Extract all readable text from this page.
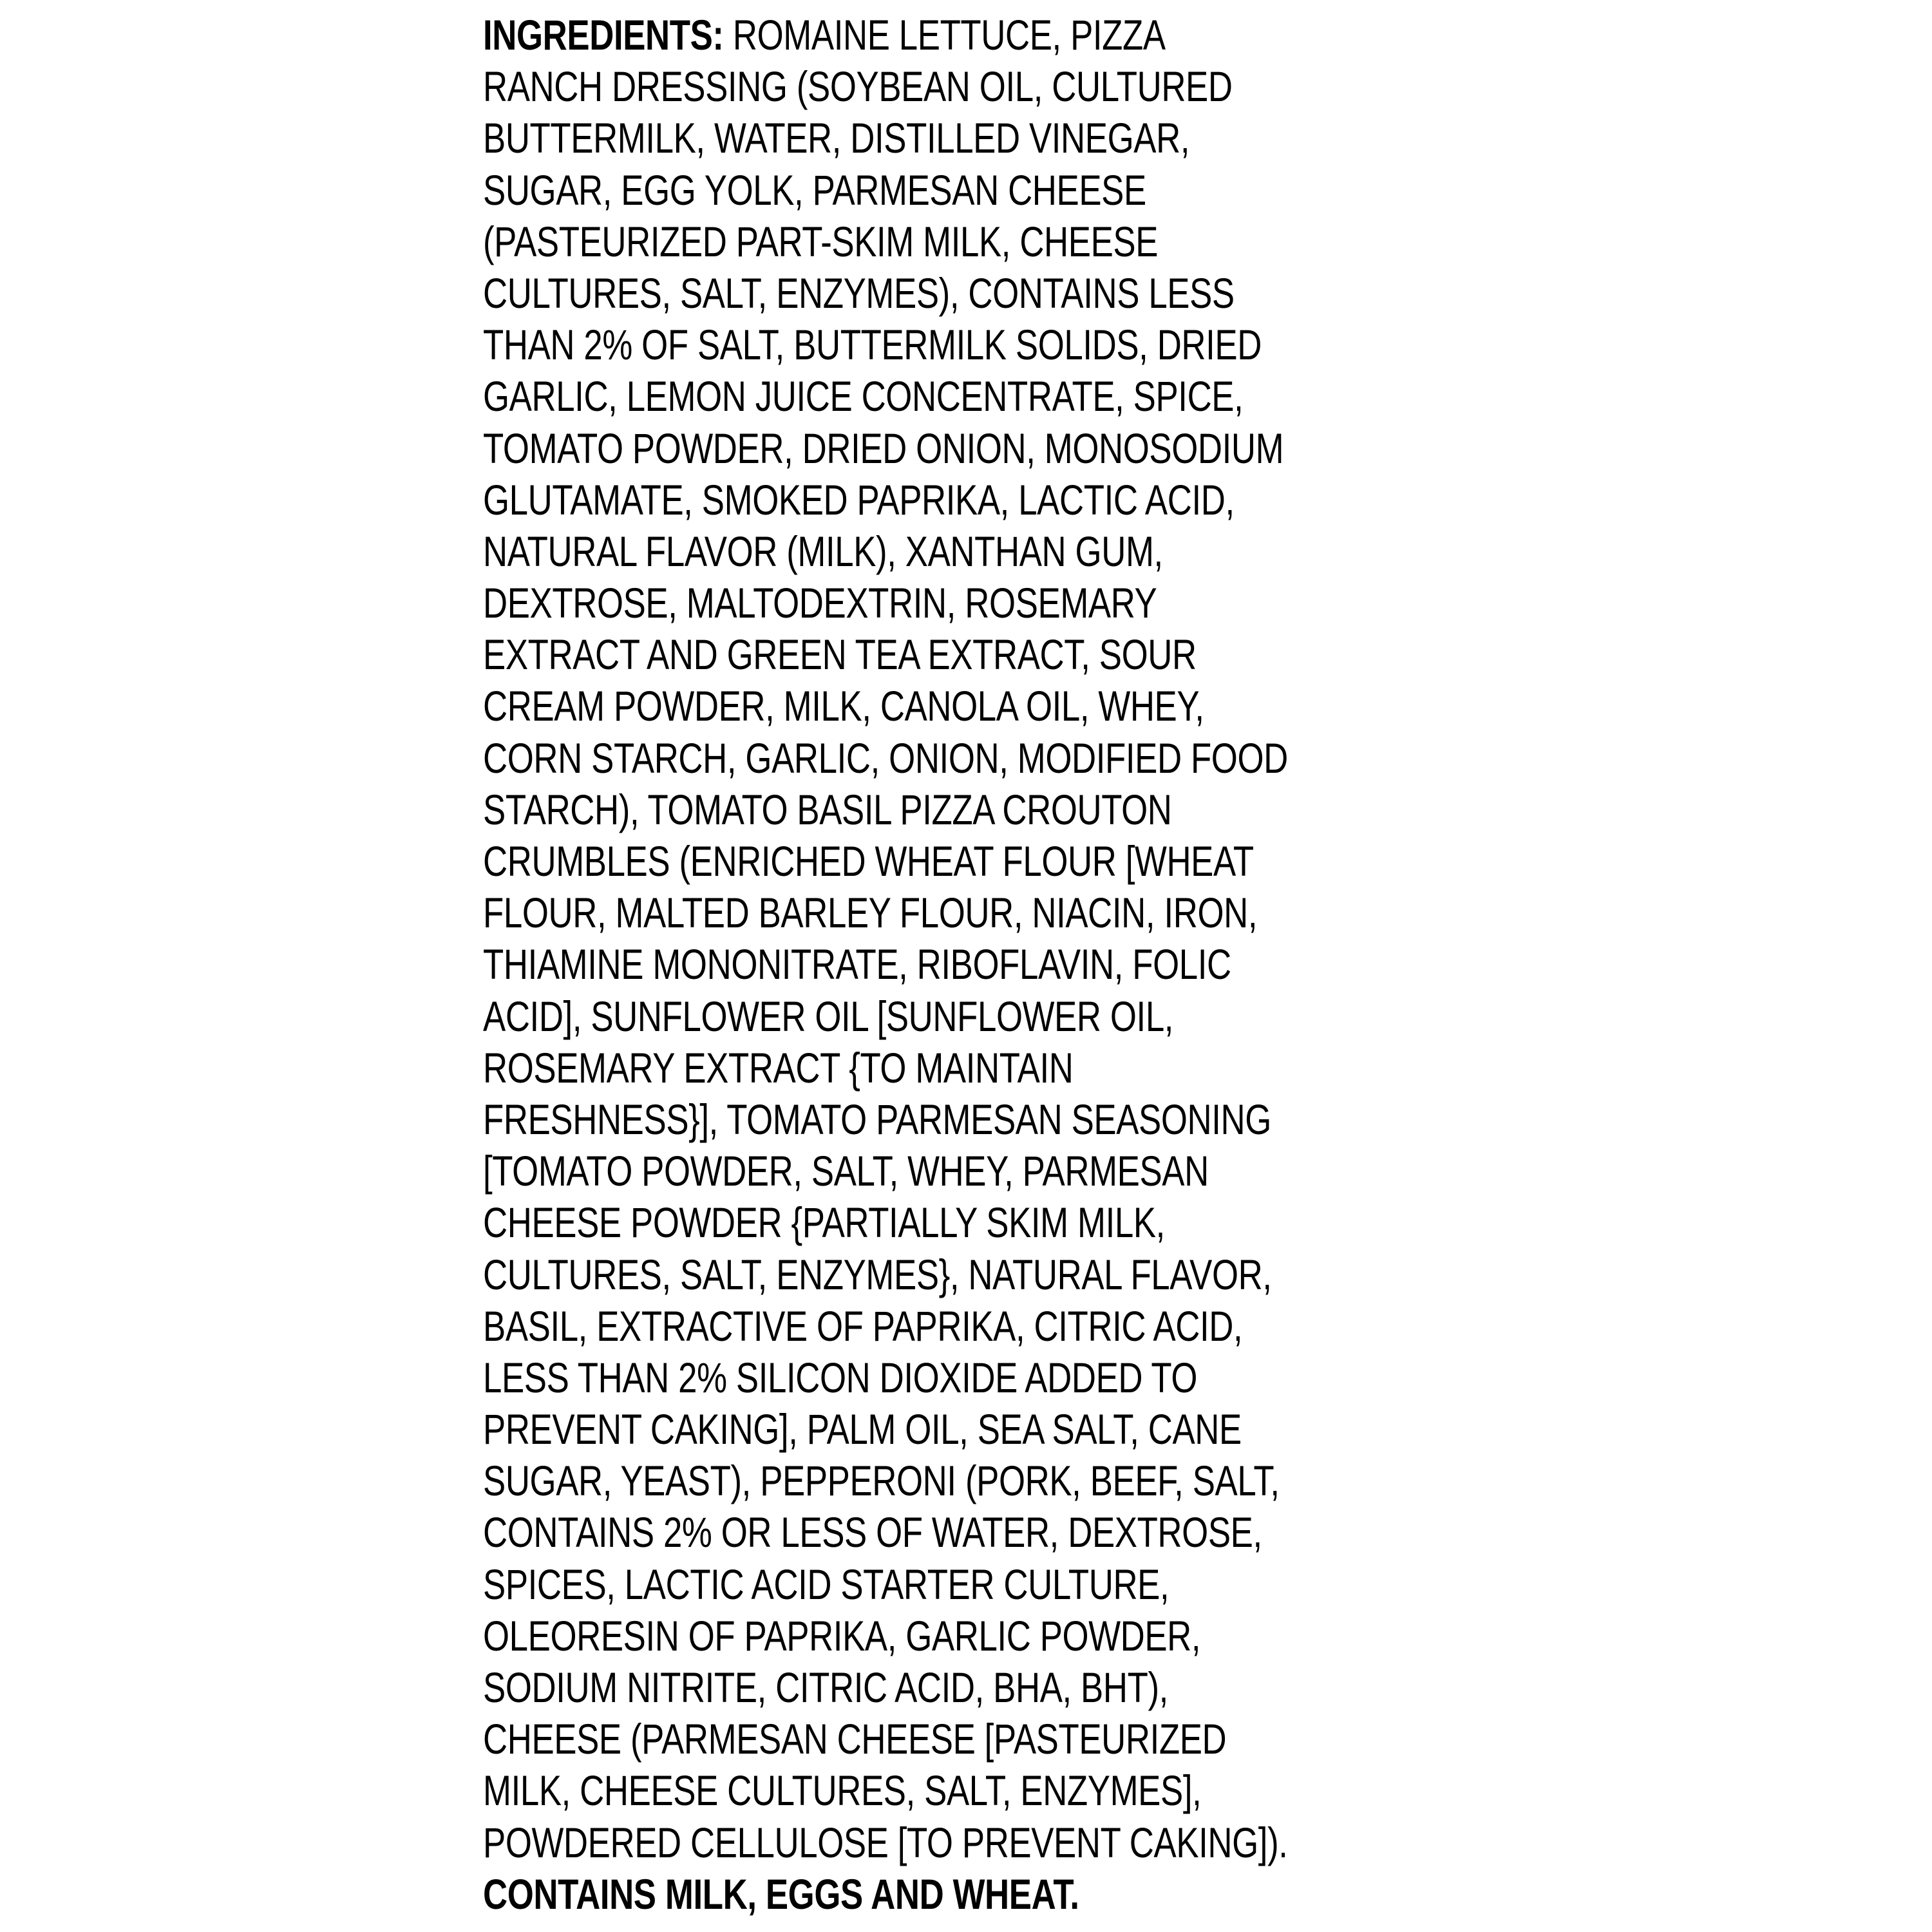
INGREDIENTS: ROMAINE LETTUCE, PIZZA
RANCH DRESSING (SOYBEAN OIL, CULTURED
BUTTERMILK, WATER, DISTILLED VINEGAR,
SUGAR, EGG YOLK, PARMESAN CHEESE
(PASTEURIZED PART-SKIM MILK, CHEESE
CULTURES, SALT, ENZYMES), CONTAINS LESS
THAN 2% OF SALT, BUTTERMILK SOLIDS, DRIED
GARLIC, LEMON JUICE CONCENTRATE, SPICE,
TOMATO POWDER, DRIED ONION, MONOSODIUM
GLUTAMATE, SMOKED PAPRIKA, LACTIC ACID,
NATURAL FLAVOR (MILK), XANTHAN GUM,
DEXTROSE, MALTODEXTRIN, ROSEMARY
EXTRACT AND GREEN TEA EXTRACT, SOUR
CREAM POWDER, MILK, CANOLA OIL, WHEY,
CORN STARCH, GARLIC, ONION, MODIFIED FOOD
STARCH), TOMATO BASIL PIZZA CROUTON
CRUMBLES (ENRICHED WHEAT FLOUR [WHEAT
FLOUR, MALTED BARLEY FLOUR, NIACIN, IRON,
THIAMINE MONONITRATE, RIBOFLAVIN, FOLIC
ACID], SUNFLOWER OIL [SUNFLOWER OIL,
ROSEMARY EXTRACT {TO MAINTAIN
FRESHNESS}], TOMATO PARMESAN SEASONING
[TOMATO POWDER, SALT, WHEY, PARMESAN
CHEESE POWDER {PARTIALLY SKIM MILK,
CULTURES, SALT, ENZYMES}, NATURAL FLAVOR,
BASIL, EXTRACTIVE OF PAPRIKA, CITRIC ACID,
LESS THAN 2% SILICON DIOXIDE ADDED TO
PREVENT CAKING], PALM OIL, SEA SALT, CANE
SUGAR, YEAST), PEPPERONI (PORK, BEEF, SALT,
CONTAINS 2% OR LESS OF WATER, DEXTROSE,
SPICES, LACTIC ACID STARTER CULTURE,
OLEORESIN OF PAPRIKA, GARLIC POWDER,
SODIUM NITRITE, CITRIC ACID, BHA, BHT),
CHEESE (PARMESAN CHEESE [PASTEURIZED
MILK, CHEESE CULTURES, SALT, ENZYMES],
POWDERED CELLULOSE [TO PREVENT CAKING]).
CONTAINS MILK, EGGS AND WHEAT.
